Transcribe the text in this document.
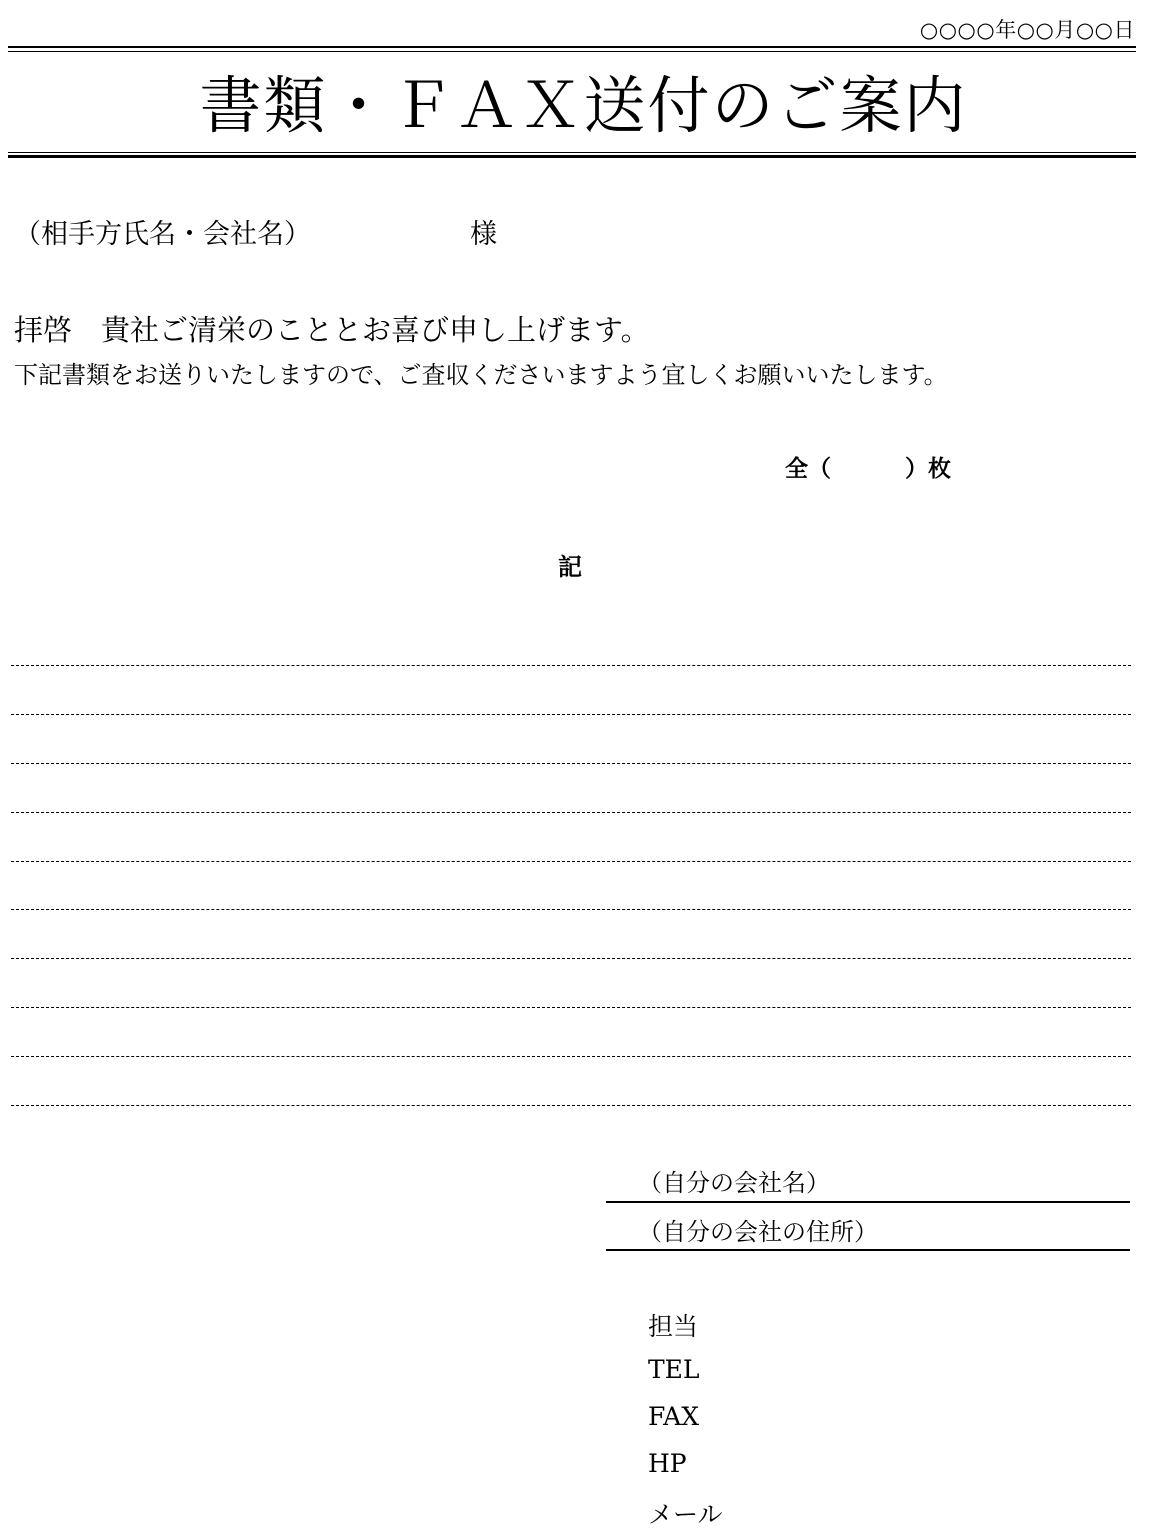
○○○○年○○月○○日
書類・ＦＡＸ送付のご案内
（相手方氏名・会社名）	様
拝啓　貴社ご清栄のこととお喜び申し上げます。
下記書類をお送りいたしますので、ご査収くださいますよう宜しくお願いいたします。
全（	）枚
記
（自分の会社名）
（自分の会社の住所）
担当
TEL
FAX
HP
メール
